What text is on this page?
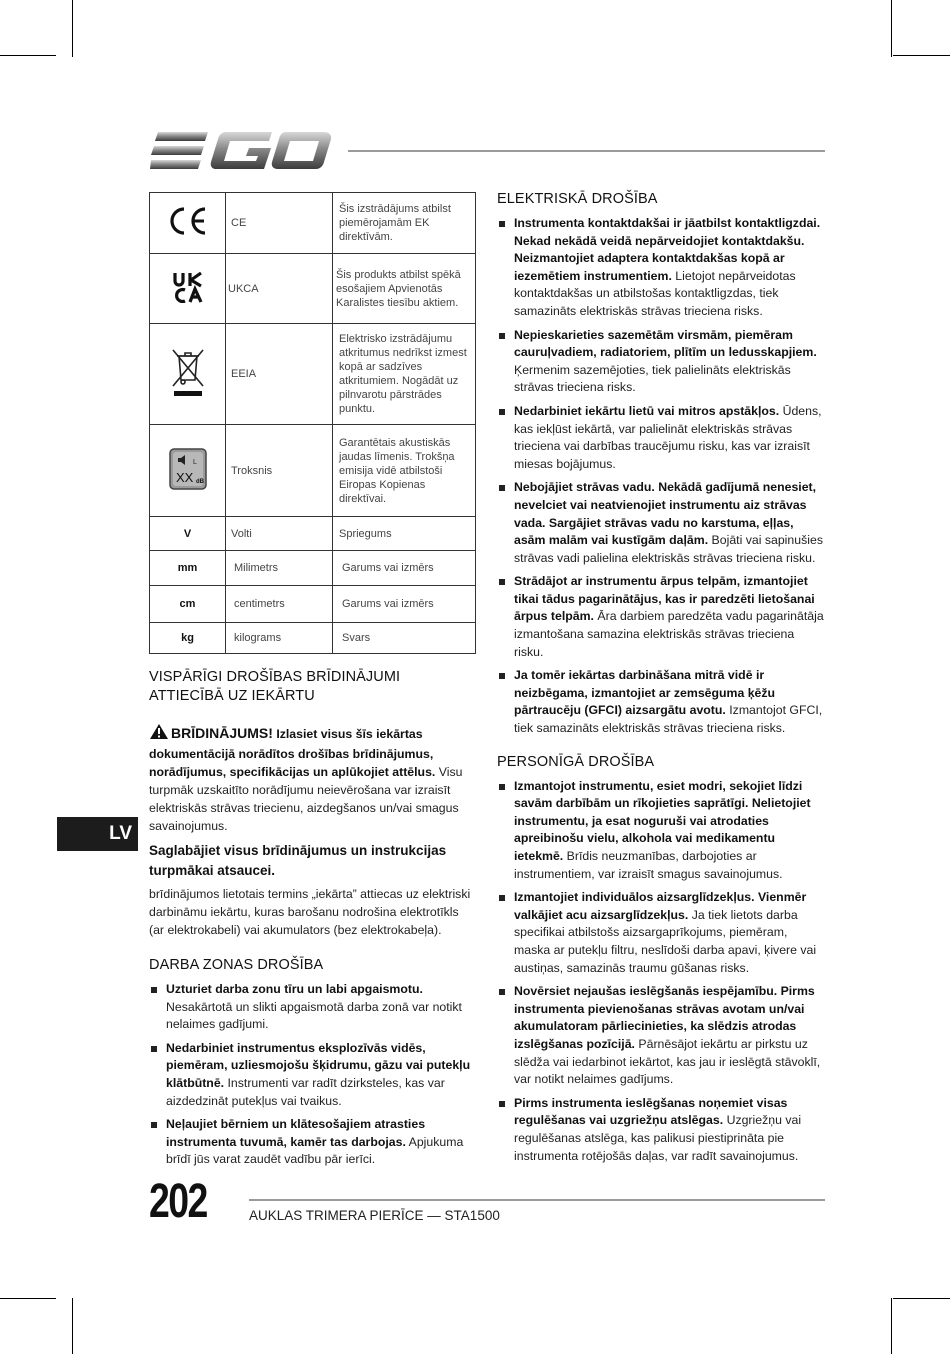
	CE	Šis izstrādājums atbilst piemērojamām EK direktīvām.
	UKCA	Šis produkts atbilst spēkā esošajiem Apvienotās Karalistes tiesību aktiem.
	EEIA	Elektrisko izstrādājumu atkritumus nedrīkst izmest kopā ar sadzīves atkritumiem. Nogādāt uz pilnvarotu pārstrādes punktu.

L
XX dB	Troksnis	Garantētais akustiskās jaudas līmenis. Trokšņa emisija vidē atbilstoši Eiropas Kopienas direktīvai.
V	Volti	Spriegums
mm	Milimetrs	Garums vai izmērs
cm	centimetrs	Garums vai izmērs
kg	kilograms	Svars
VISPĀRĪGI DROŠĪBAS BRĪDINĀJUMI ATTIECĪBĀ UZ IEKĀRTU

BRĪDINĀJUMS! Izlasiet visus šīs iekārtas dokumentācijā norādītos drošības brīdinājumus, norādījumus, specifikācijas un aplūkojiet attēlus. Visu turpmāk uzskaitīto norādījumu neievērošana var izraisīt elektriskās strāvas triecienu, aizdegšanos un/vai smagus savainojumus.

Saglabājiet visus brīdinājumus un instrukcijas turpmākai atsaucei.

brīdinājumos lietotais termins „iekārta” attiecas uz elektriski darbināmu iekārtu, kuras barošanu nodrošina elektrotīkls (ar elektrokabeli) vai akumulators (bez elektrokabeļa).

DARBA ZONAS DROŠĪBA
Uzturiet darba zonu tīru un labi apgaismotu. Nesakārtotā un slikti apgaismotā darba zonā var notikt nelaimes gadījumi.
Nedarbiniet instrumentus eksplozīvās vidēs, piemēram, uzliesmojošu šķidrumu, gāzu vai putekļu klātbūtnē. Instrumenti var radīt dzirksteles, kas var aizdedzināt putekļus vai tvaikus.
Neļaujiet bērniem un klātesošajiem atrasties instrumenta tuvumā, kamēr tas darbojas. Apjukuma brīdī jūs varat zaudēt vadību pār ierīci.
ELEKTRISKĀ DROŠĪBA
Instrumenta kontaktdakšai ir jāatbilst kontaktligzdai. Nekad nekādā veidā nepārveidojiet kontaktdakšu. Neizmantojiet adaptera kontaktdakšas kopā ar iezemētiem instrumentiem. Lietojot nepārveidotas kontaktdakšas un atbilstošas kontaktligzdas, tiek samazināts elektriskās strāvas trieciena risks.
Nepieskarieties sazemētām virsmām, piemēram cauruļvadiem, radiatoriem, plītīm un ledusskapjiem. Ķermenim sazemējoties, tiek palielināts elektriskās strāvas trieciena risks.
Nedarbiniet iekārtu lietū vai mitros apstākļos. Ūdens, kas iekļūst iekārtā, var palielināt elektriskās strāvas trieciena vai darbības traucējumu risku, kas var izraisīt miesas bojājumus.
Nebojājiet strāvas vadu. Nekādā gadījumā nenesiet, nevelciet vai neatvienojiet instrumentu aiz strāvas vada. Sargājiet strāvas vadu no karstuma, eļļas, asām malām vai kustīgām daļām. Bojāti vai sapinušies strāvas vadi palielina elektriskās strāvas trieciena risku.
Strādājot ar instrumentu ārpus telpām, izmantojiet tikai tādus pagarinātājus, kas ir paredzēti lietošanai ārpus telpām. Āra darbiem paredzēta vadu pagarinātāja izmantošana samazina elektriskās strāvas trieciena risku.
Ja tomēr iekārtas darbināšana mitrā vidē ir neizbēgama, izmantojiet ar zemsēguma ķēžu pārtraucēju (GFCI) aizsargātu avotu. Izmantojot GFCI, tiek samazināts elektriskās strāvas trieciena risks.
PERSONĪGĀ DROŠĪBA
Izmantojot instrumentu, esiet modri, sekojiet līdzi savām darbībām un rīkojieties saprātīgi. Nelietojiet instrumentu, ja esat noguruši vai atrodaties apreibinošu vielu, alkohola vai medikamentu ietekmē. Brīdis neuzmanības, darbojoties ar instrumentiem, var izraisīt smagus savainojumus.
Izmantojiet individuālos aizsarglīdzekļus. Vienmēr valkājiet acu aizsarglīdzekļus. Ja tiek lietots darba specifikai atbilstošs aizsargaprīkojums, piemēram, maska ar putekļu filtru, neslīdoši darba apavi, ķivere vai austiņas, samazinās traumu gūšanas risks.
Novērsiet nejaušas ieslēgšanās iespējamību. Pirms instrumenta pievienošanas strāvas avotam un/vai akumulatoram pārliecinieties, ka slēdzis atrodas izslēgšanas pozīcijā. Pārnēsājot iekārtu ar pirkstu uz slēdža vai iedarbinot iekārtot, kas jau ir ieslēgtā stāvoklī, var notikt nelaimes gadījums.
Pirms instrumenta ieslēgšanas noņemiet visas regulēšanas vai uzgriežņu atslēgas. Uzgriežņu vai regulēšanas atslēga, kas palikusi piestiprināta pie instrumenta rotējošās daļas, var radīt savainojumus.
LV
202	AUKLAS TRIMERA PIERĪCE — STA1500
